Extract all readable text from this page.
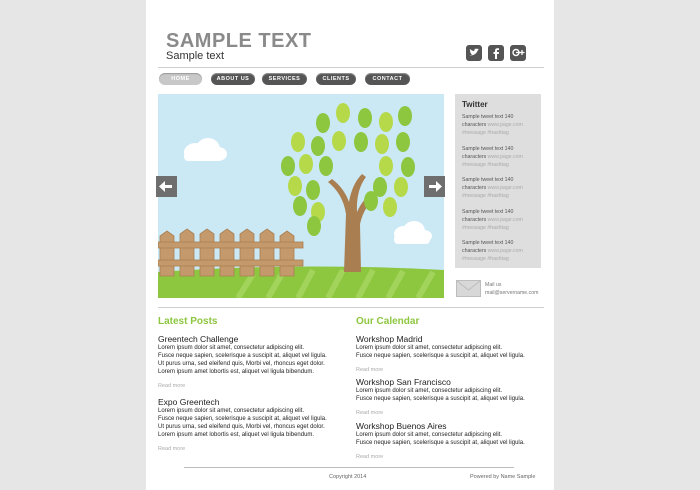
SAMPLE TEXT
Sample text
HOME	ABOUT US	SERVICES	CLIENTS	CONTACT
Twitter
Sample tweet text 140 characters www.page.com
#message #hashtag
Sample tweet text 140 characters www.page.com
#message #hashtag
Sample tweet text 140 characters www.page.com
#message #hashtag
Sample tweet text 140 characters www.page.com
#message #hashtag
Sample tweet text 140 characters www.page.com
#message #hashtag
Mail us
mail@servername.com
Latest Posts
Greentech Challenge
Lorem ipsum dolor sit amet, consectetur adipiscing elit.
Fusce neque sapien, scelerisque a suscipit at, aliquet vel ligula.
Ut purus urna, sed eleifend quis, Morbi vel, rhoncus eget dolor.
Lorem ipsum amet lobortis est, aliquet vel ligula bibendum.
Read more
Expo Greentech
Lorem ipsum dolor sit amet, consectetur adipiscing elit.
Fusce neque sapien, scelerisque a suscipit at, aliquet vel ligula.
Ut purus urna, sed eleifend quis, Morbi vel, rhoncus eget dolor.
Lorem ipsum amet lobortis est, aliquet vel ligula bibendum.
Read more
Our Calendar
Workshop Madrid
Lorem ipsum dolor sit amet, consectetur adipiscing elit.
Fusce neque sapien, scelerisque a suscipit at, aliquet vel ligula.
Read more
Workshop San Francisco
Lorem ipsum dolor sit amet, consectetur adipiscing elit.
Fusce neque sapien, scelerisque a suscipit at, aliquet vel ligula.
Read more
Workshop Buenos Aires
Lorem ipsum dolor sit amet, consectetur adipiscing elit.
Fusce neque sapien, scelerisque a suscipit at, aliquet vel ligula.
Read more
Copyright 2014	Powered by Name Sample
